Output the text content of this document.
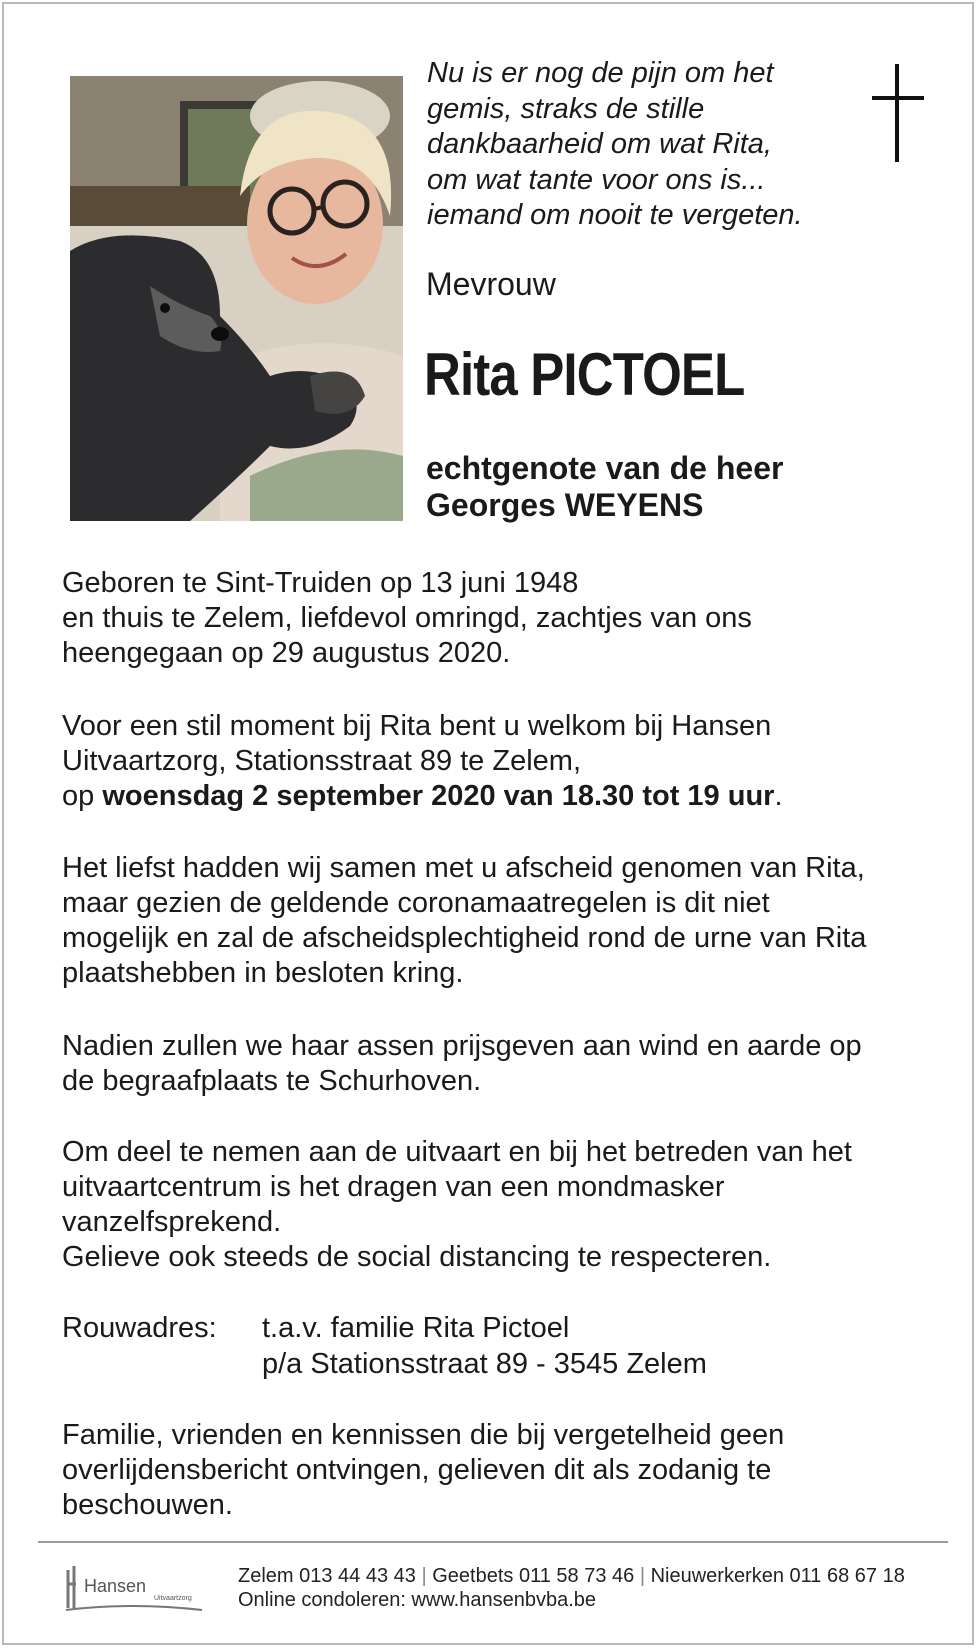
Nu is er nog de pijn om het
gemis, straks de stille
dankbaarheid om wat Rita,
om wat tante voor ons is...
iemand om nooit te vergeten.
Mevrouw
Rita PICTOEL
echtgenote van de heer
Georges WEYENS
Geboren te Sint-Truiden op 13 juni 1948
en thuis te Zelem, liefdevol omringd, zachtjes van ons
heengegaan op 29 augustus 2020.
Voor een stil moment bij Rita bent u welkom bij Hansen
Uitvaartzorg, Stationsstraat 89 te Zelem,
op woensdag 2 september 2020 van 18.30 tot 19 uur.
Het liefst hadden wij samen met u afscheid genomen van Rita,
maar gezien de geldende coronamaatregelen is dit niet
mogelijk en zal de afscheidsplechtigheid rond de urne van Rita
plaatshebben in besloten kring.
Nadien zullen we haar assen prijsgeven aan wind en aarde op
de begraafplaats te Schurhoven.
Om deel te nemen aan de uitvaart en bij het betreden van het
uitvaartcentrum is het dragen van een mondmasker
vanzelfsprekend.
Gelieve ook steeds de social distancing te respecteren.
Rouwadres: t.a.v. familie Rita Pictoel
p/a Stationsstraat 89 - 3545 Zelem
Familie, vrienden en kennissen die bij vergetelheid geen
overlijdensbericht ontvingen, gelieven dit als zodanig te
beschouwen.
Hansen
Uitvaartzorg
Zelem 013 44 43 43 | Geetbets 011 58 73 46 | Nieuwerkerken 011 68 67 18
Online condoleren: www.hansenbvba.be
